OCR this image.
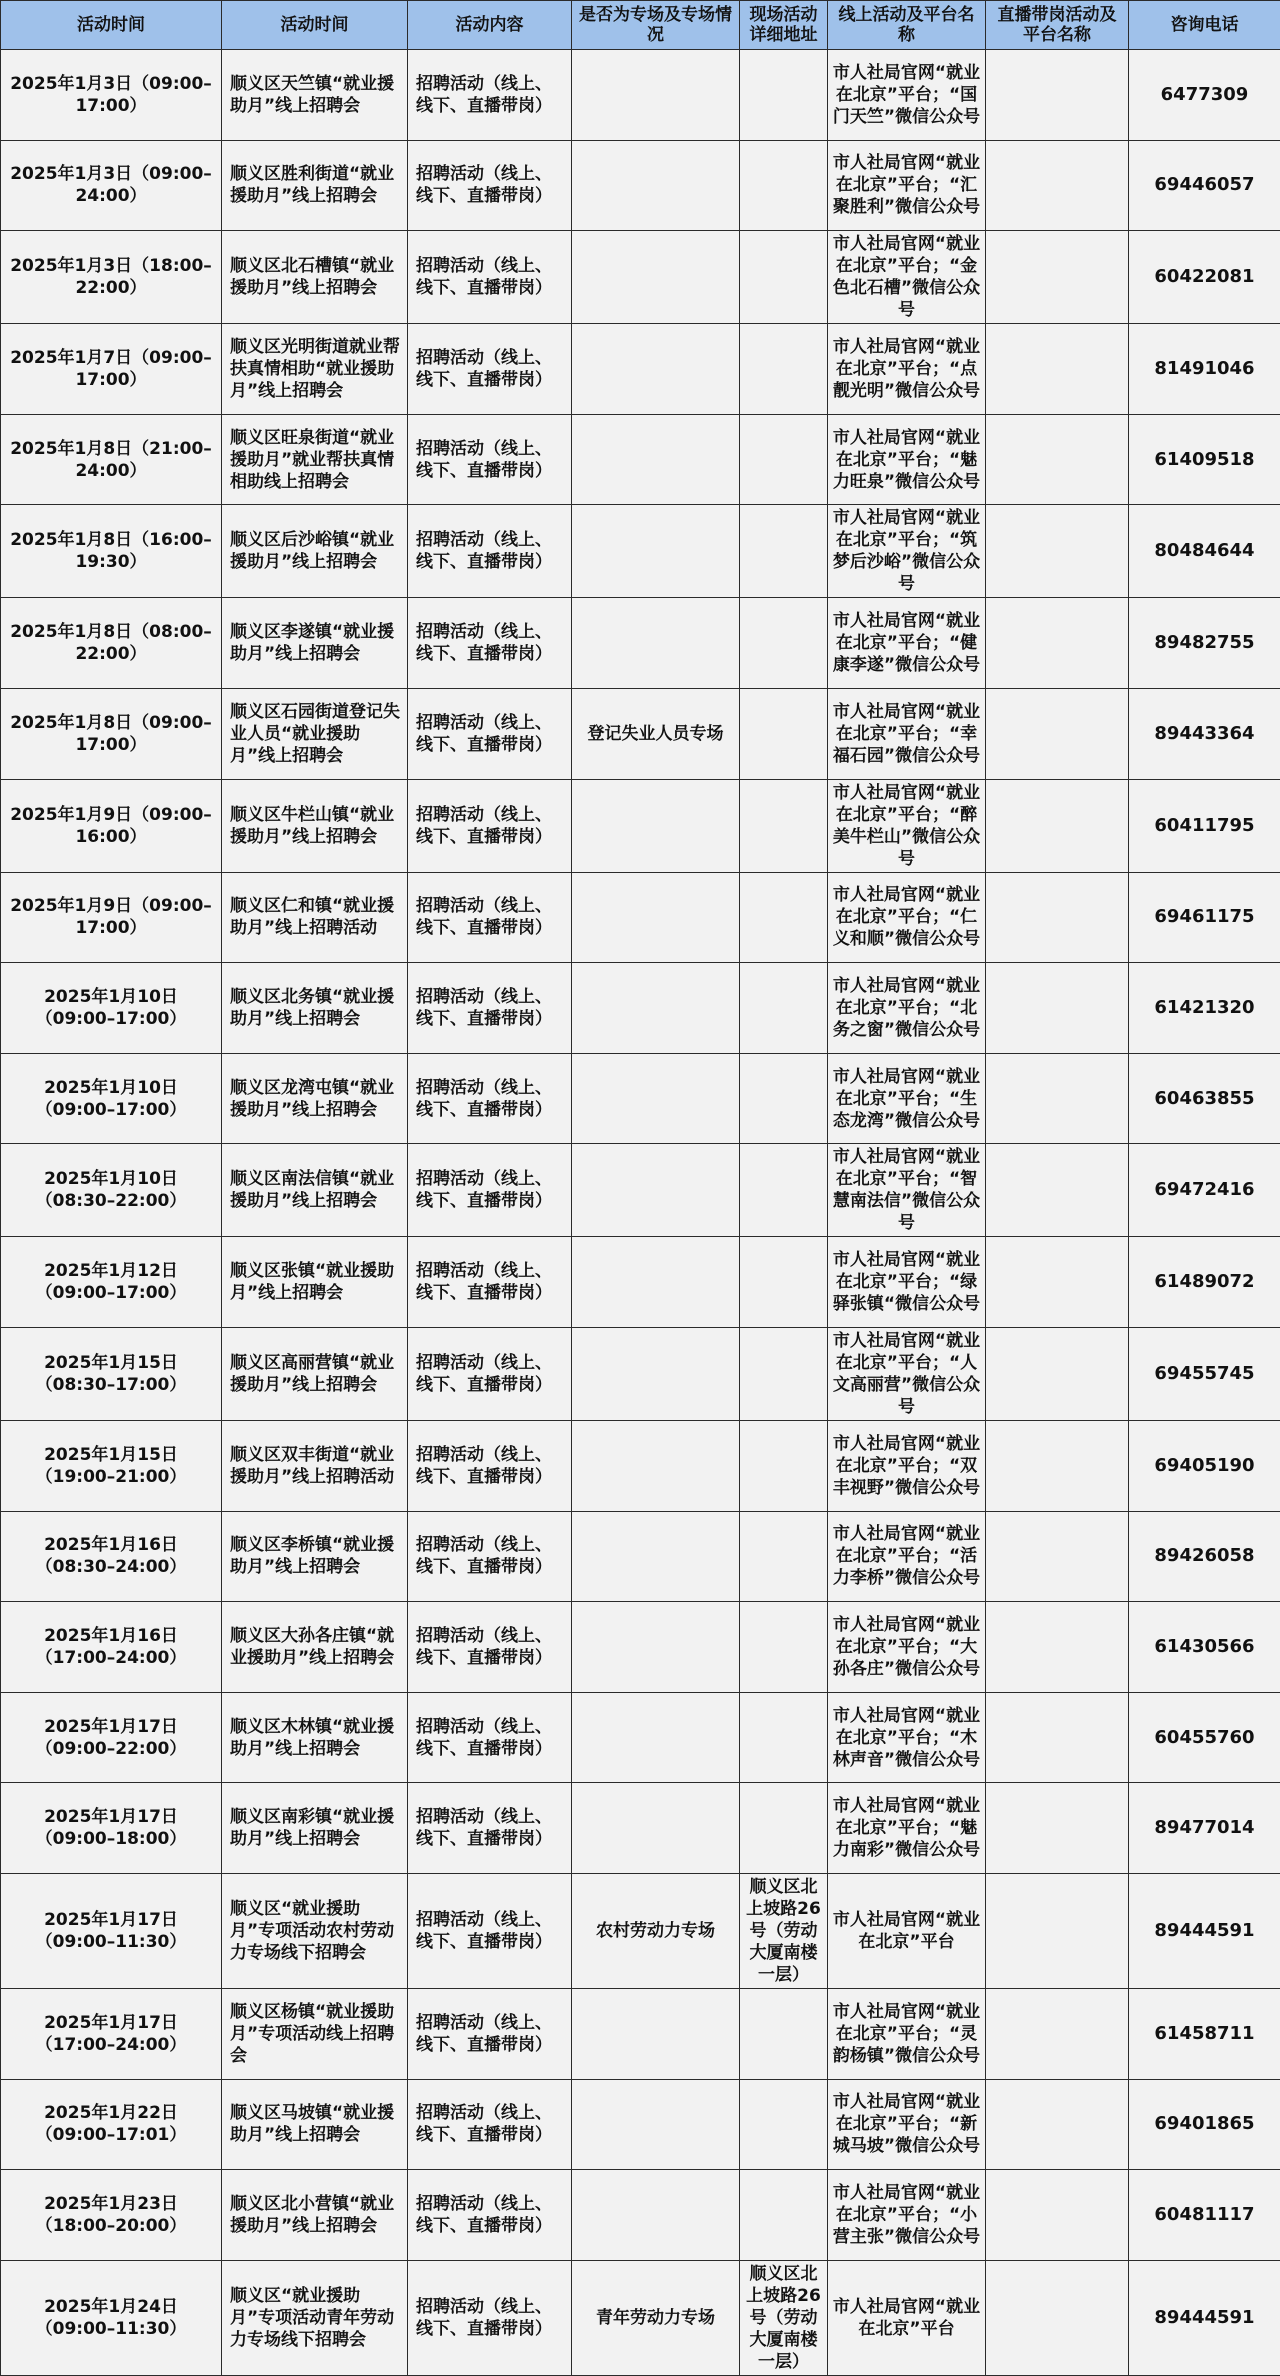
活动时间	活动时间	活动内容	是否为专场及专场情况	现场活动详细地址	线上活动及平台名称	直播带岗活动及平台名称	咨询电话
2025年1月3日（09:00–17:00）	顺义区天竺镇“就业援助月”线上招聘会	招聘活动（线上、线下、直播带岗）			市人社局官网“就业在北京”平台；“国门天竺”微信公众号		6477309
2025年1月3日（09:00–24:00）	顺义区胜利街道“就业援助月”线上招聘会	招聘活动（线上、线下、直播带岗）			市人社局官网“就业在北京”平台；“汇聚胜利”微信公众号		69446057
2025年1月3日（18:00–22:00）	顺义区北石槽镇“就业援助月”线上招聘会	招聘活动（线上、线下、直播带岗）			市人社局官网“就业在北京”平台；“金色北石槽”微信公众号		60422081
2025年1月7日（09:00–17:00）	顺义区光明街道就业帮扶真情相助“就业援助月”线上招聘会	招聘活动（线上、线下、直播带岗）			市人社局官网“就业在北京”平台；“点靓光明”微信公众号		81491046
2025年1月8日（21:00–24:00）	顺义区旺泉街道“就业援助月”就业帮扶真情相助线上招聘会	招聘活动（线上、线下、直播带岗）			市人社局官网“就业在北京”平台；“魅力旺泉”微信公众号		61409518
2025年1月8日（16:00–19:30）	顺义区后沙峪镇“就业援助月”线上招聘会	招聘活动（线上、线下、直播带岗）			市人社局官网“就业在北京”平台；“筑梦后沙峪”微信公众号		80484644
2025年1月8日（08:00–22:00）	顺义区李遂镇“就业援助月”线上招聘会	招聘活动（线上、线下、直播带岗）			市人社局官网“就业在北京”平台；“健康李遂”微信公众号		89482755
2025年1月8日（09:00–17:00）	顺义区石园街道登记失业人员“就业援助月”线上招聘会	招聘活动（线上、线下、直播带岗）	登记失业人员专场		市人社局官网“就业在北京”平台；“幸福石园”微信公众号		89443364
2025年1月9日（09:00–16:00）	顺义区牛栏山镇“就业援助月”线上招聘会	招聘活动（线上、线下、直播带岗）			市人社局官网“就业在北京”平台；“醉美牛栏山”微信公众号		60411795
2025年1月9日（09:00–17:00）	顺义区仁和镇“就业援助月”线上招聘活动	招聘活动（线上、线下、直播带岗）			市人社局官网“就业在北京”平台；“仁义和顺”微信公众号		69461175
2025年1月10日（09:00–17:00）	顺义区北务镇“就业援助月”线上招聘会	招聘活动（线上、线下、直播带岗）			市人社局官网“就业在北京”平台；“北务之窗”微信公众号		61421320
2025年1月10日（09:00–17:00）	顺义区龙湾屯镇“就业援助月”线上招聘会	招聘活动（线上、线下、直播带岗）			市人社局官网“就业在北京”平台；“生态龙湾”微信公众号		60463855
2025年1月10日（08:30–22:00）	顺义区南法信镇“就业援助月”线上招聘会	招聘活动（线上、线下、直播带岗）			市人社局官网“就业在北京”平台；“智慧南法信”微信公众号		69472416
2025年1月12日（09:00–17:00）	顺义区张镇“就业援助月”线上招聘会	招聘活动（线上、线下、直播带岗）			市人社局官网“就业在北京”平台；“绿驿张镇“微信公众号		61489072
2025年1月15日（08:30–17:00）	顺义区高丽营镇“就业援助月”线上招聘会	招聘活动（线上、线下、直播带岗）			市人社局官网“就业在北京”平台；“人文高丽营”微信公众号		69455745
2025年1月15日（19:00–21:00）	顺义区双丰街道“就业援助月”线上招聘活动	招聘活动（线上、线下、直播带岗）			市人社局官网“就业在北京”平台；“双丰视野”微信公众号		69405190
2025年1月16日（08:30–24:00）	顺义区李桥镇“就业援助月”线上招聘会	招聘活动（线上、线下、直播带岗）			市人社局官网“就业在北京”平台；“活力李桥”微信公众号		89426058
2025年1月16日（17:00–24:00）	顺义区大孙各庄镇“就业援助月”线上招聘会	招聘活动（线上、线下、直播带岗）			市人社局官网“就业在北京”平台；“大孙各庄”微信公众号		61430566
2025年1月17日（09:00–22:00）	顺义区木林镇“就业援助月”线上招聘会	招聘活动（线上、线下、直播带岗）			市人社局官网“就业在北京”平台；“木林声音”微信公众号		60455760
2025年1月17日（09:00–18:00）	顺义区南彩镇“就业援助月”线上招聘会	招聘活动（线上、线下、直播带岗）			市人社局官网“就业在北京”平台；“魅力南彩”微信公众号		89477014
2025年1月17日（09:00–11:30）	顺义区“就业援助月”专项活动农村劳动力专场线下招聘会	招聘活动（线上、线下、直播带岗）	农村劳动力专场	顺义区北上坡路26号（劳动大厦南楼一层）	市人社局官网“就业在北京”平台		89444591
2025年1月17日（17:00–24:00）	顺义区杨镇“就业援助月”专项活动线上招聘会	招聘活动（线上、线下、直播带岗）			市人社局官网“就业在北京”平台；“灵韵杨镇”微信公众号		61458711
2025年1月22日（09:00–17:01）	顺义区马坡镇“就业援助月”线上招聘会	招聘活动（线上、线下、直播带岗）			市人社局官网“就业在北京”平台；“新城马坡”微信公众号		69401865
2025年1月23日（18:00–20:00）	顺义区北小营镇“就业援助月”线上招聘会	招聘活动（线上、线下、直播带岗）			市人社局官网“就业在北京”平台；“小营主张”微信公众号		60481117
2025年1月24日（09:00–11:30）	顺义区“就业援助月”专项活动青年劳动力专场线下招聘会	招聘活动（线上、线下、直播带岗）	青年劳动力专场	顺义区北上坡路26号（劳动大厦南楼一层）	市人社局官网“就业在北京”平台		89444591
